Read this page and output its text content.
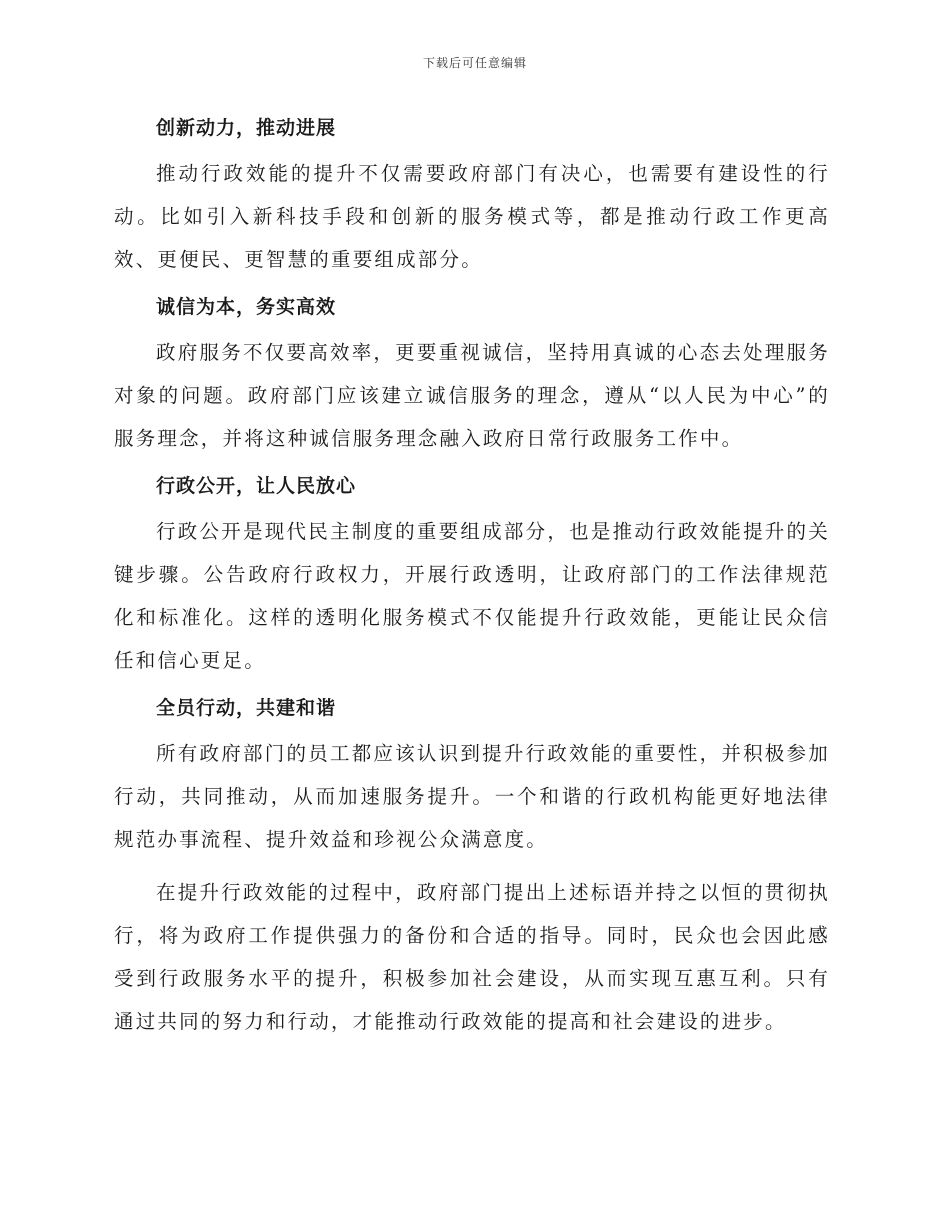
下载后可任意编辑
创新动力，推动进展

推动行政效能的提升不仅需要政府部门有决心，也需要有建设性的行动。比如引入新科技手段和创新的服务模式等，都是推动行政工作更高效、更便民、更智慧的重要组成部分。

诚信为本，务实高效

政府服务不仅要高效率，更要重视诚信，坚持用真诚的心态去处理服务对象的问题。政府部门应该建立诚信服务的理念，遵从“以人民为中心”的服务理念，并将这种诚信服务理念融入政府日常行政服务工作中。

行政公开，让人民放心

行政公开是现代民主制度的重要组成部分，也是推动行政效能提升的关键步骤。公告政府行政权力，开展行政透明，让政府部门的工作法律规范化和标准化。这样的透明化服务模式不仅能提升行政效能，更能让民众信任和信心更足。

全员行动，共建和谐

所有政府部门的员工都应该认识到提升行政效能的重要性，并积极参加行动，共同推动，从而加速服务提升。一个和谐的行政机构能更好地法律规范办事流程、提升效益和珍视公众满意度。

在提升行政效能的过程中，政府部门提出上述标语并持之以恒的贯彻执行，将为政府工作提供强力的备份和合适的指导。同时，民众也会因此感受到行政服务水平的提升，积极参加社会建设，从而实现互惠互利。只有通过共同的努力和行动，才能推动行政效能的提高和社会建设的进步。
